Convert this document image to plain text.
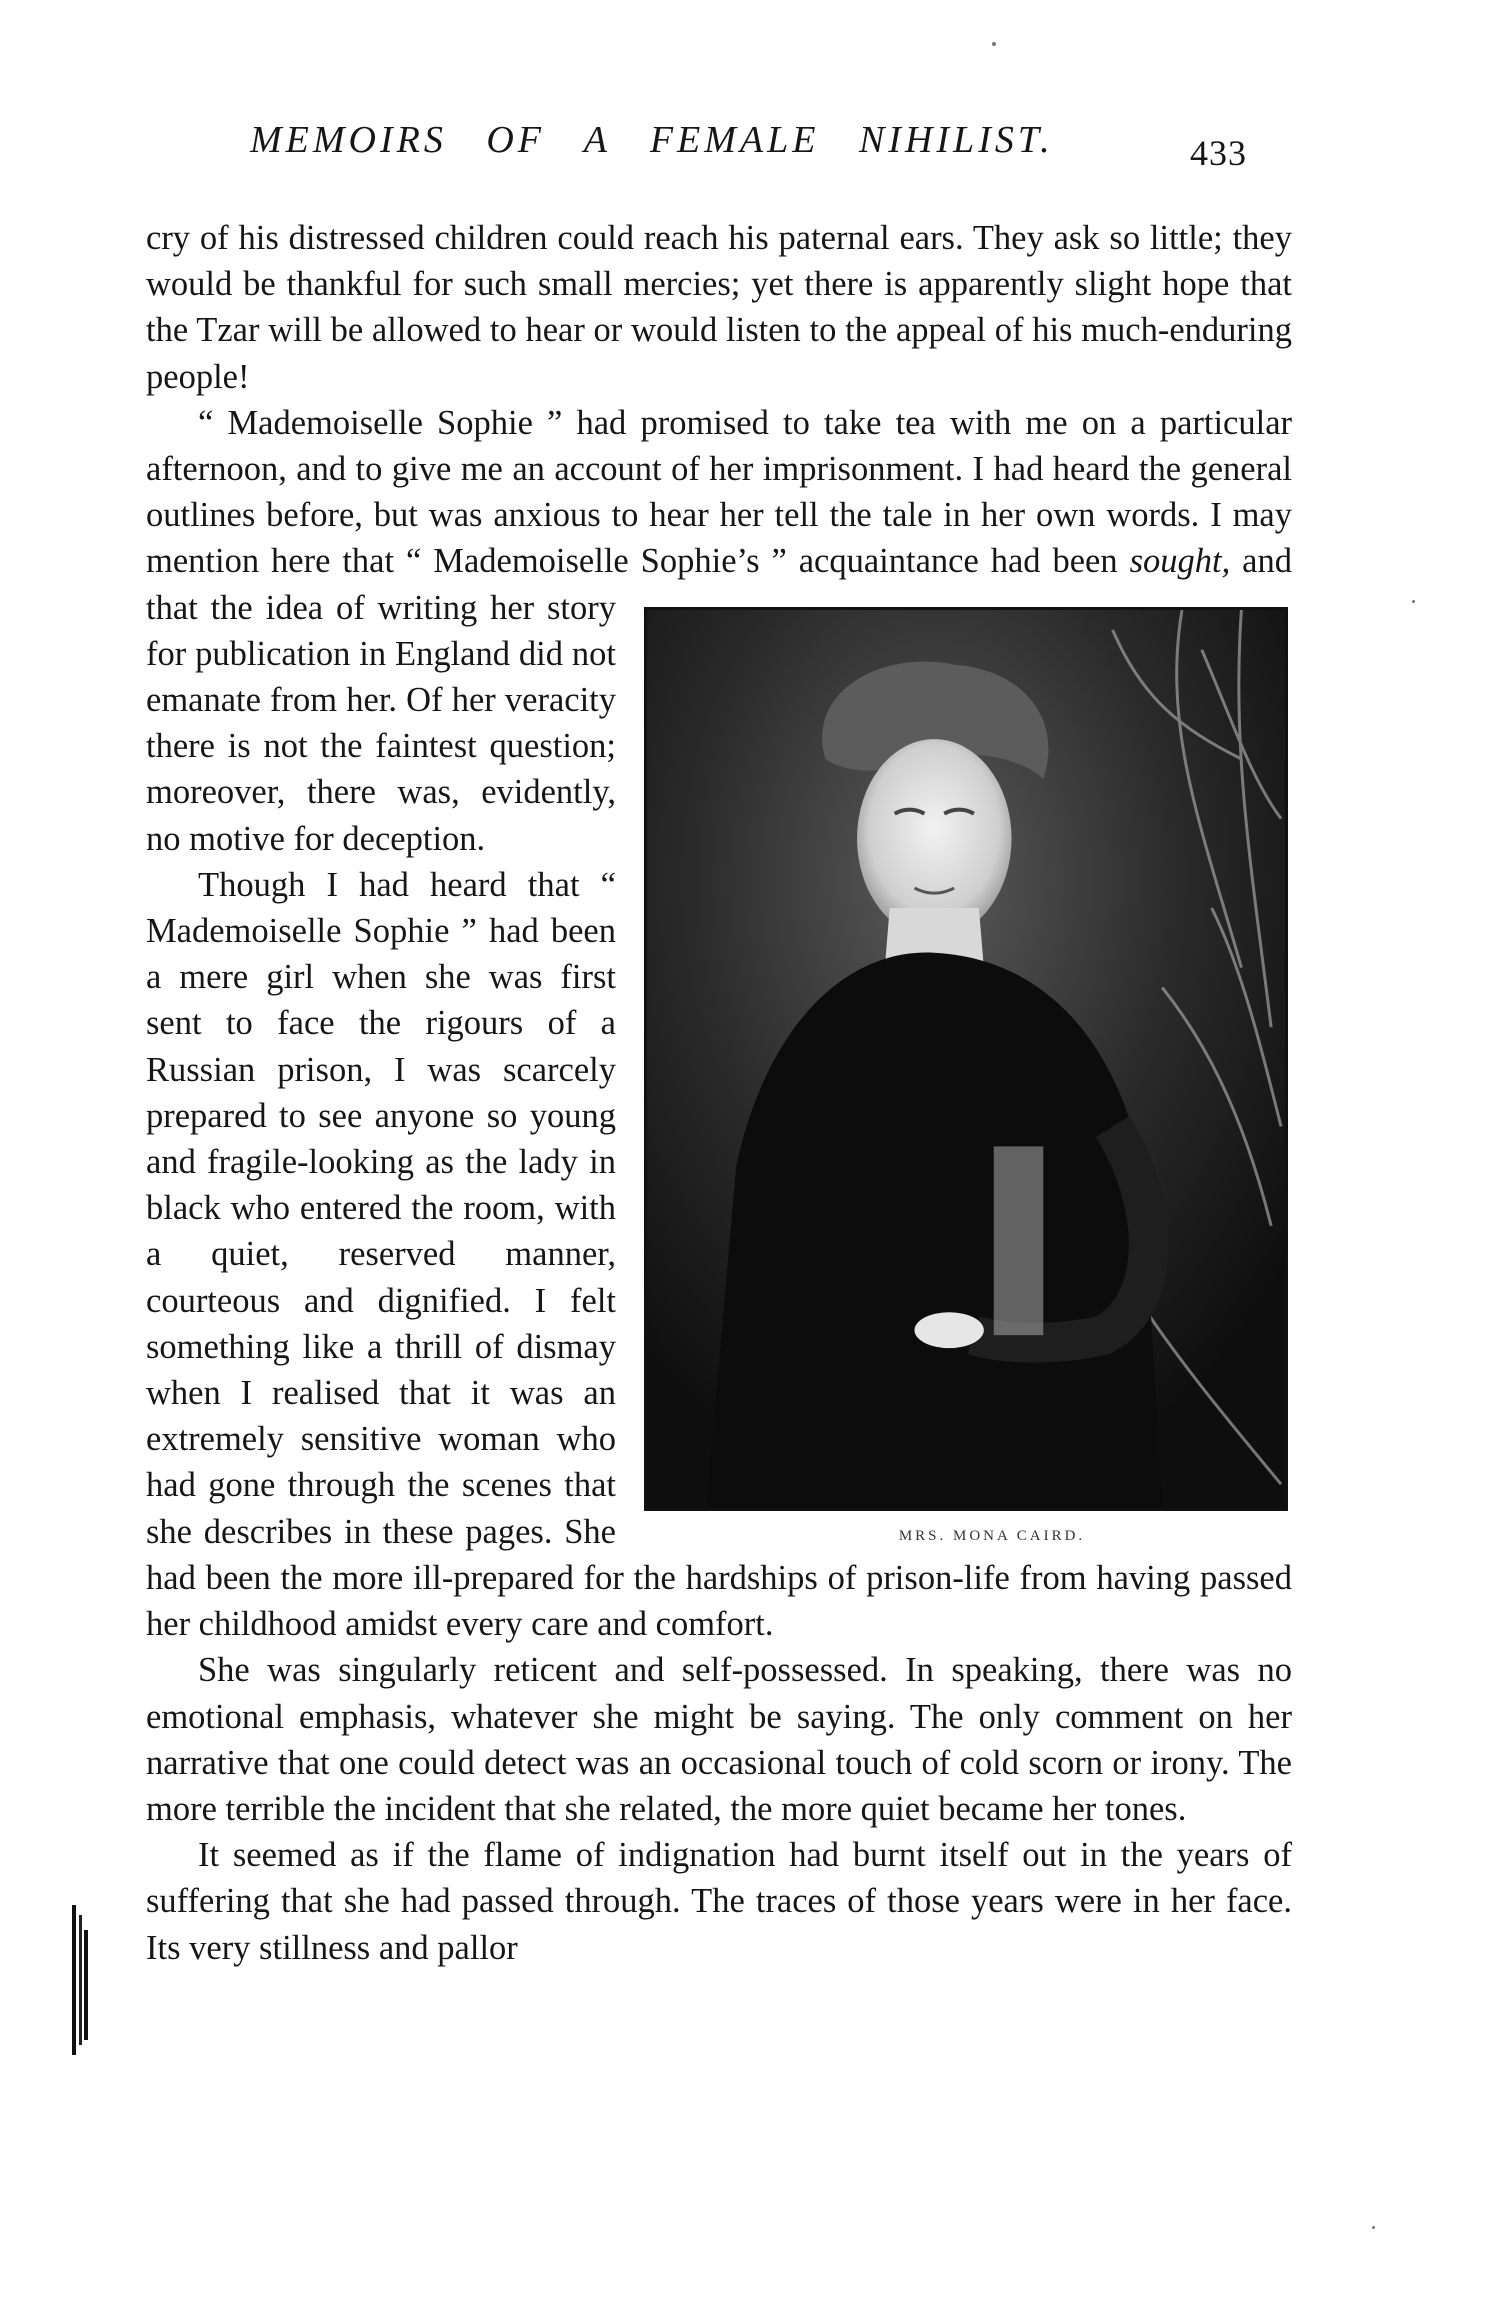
MEMOIRS OF A FEMALE NIHILIST.	433

cry of his distressed children could reach his paternal ears. They ask so little; they would be thankful for such small mercies; yet there is apparently slight hope that the Tzar will be allowed to hear or would listen to the appeal of his much-enduring people!

“ Mademoiselle Sophie ” had promised to take tea with me on a particular afternoon, and to give me an account of her imprisonment. I had heard the general outlines before, but was anxious to hear her tell the tale in her own words. I may mention here that “ Mademoiselle Sophie’s ” acquaintance had been sought,
MRS. MONA CAIRD.
and that the idea of writing her story for publication in England did not emanate from her. Of her veracity there is not the faintest question; moreover, there was, evidently, no motive for deception.

Though I had heard that “ Mademoiselle Sophie ” had been a mere girl when she was first sent to face the rigours of a Russian prison, I was scarcely prepared to see anyone so young and fragile-looking as the lady in black who entered the room, with a quiet, reserved manner, courteous and dignified. I felt something like a thrill of dismay when I realised that it was an extremely sensitive woman who had gone through the scenes that she describes in these pages. She had been the more ill-prepared for the hardships of prison-life from having passed her childhood amidst every care and comfort.

She was singularly reticent and self-possessed. In speaking, there was no emotional emphasis, whatever she might be saying. The only comment on her narrative that one could detect was an occasional touch of cold scorn or irony. The more terrible the incident that she related, the more quiet became her tones.

It seemed as if the flame of indignation had burnt itself out in the years of suffering that she had passed through. The traces of those years were in her face. Its very stillness and pallor
